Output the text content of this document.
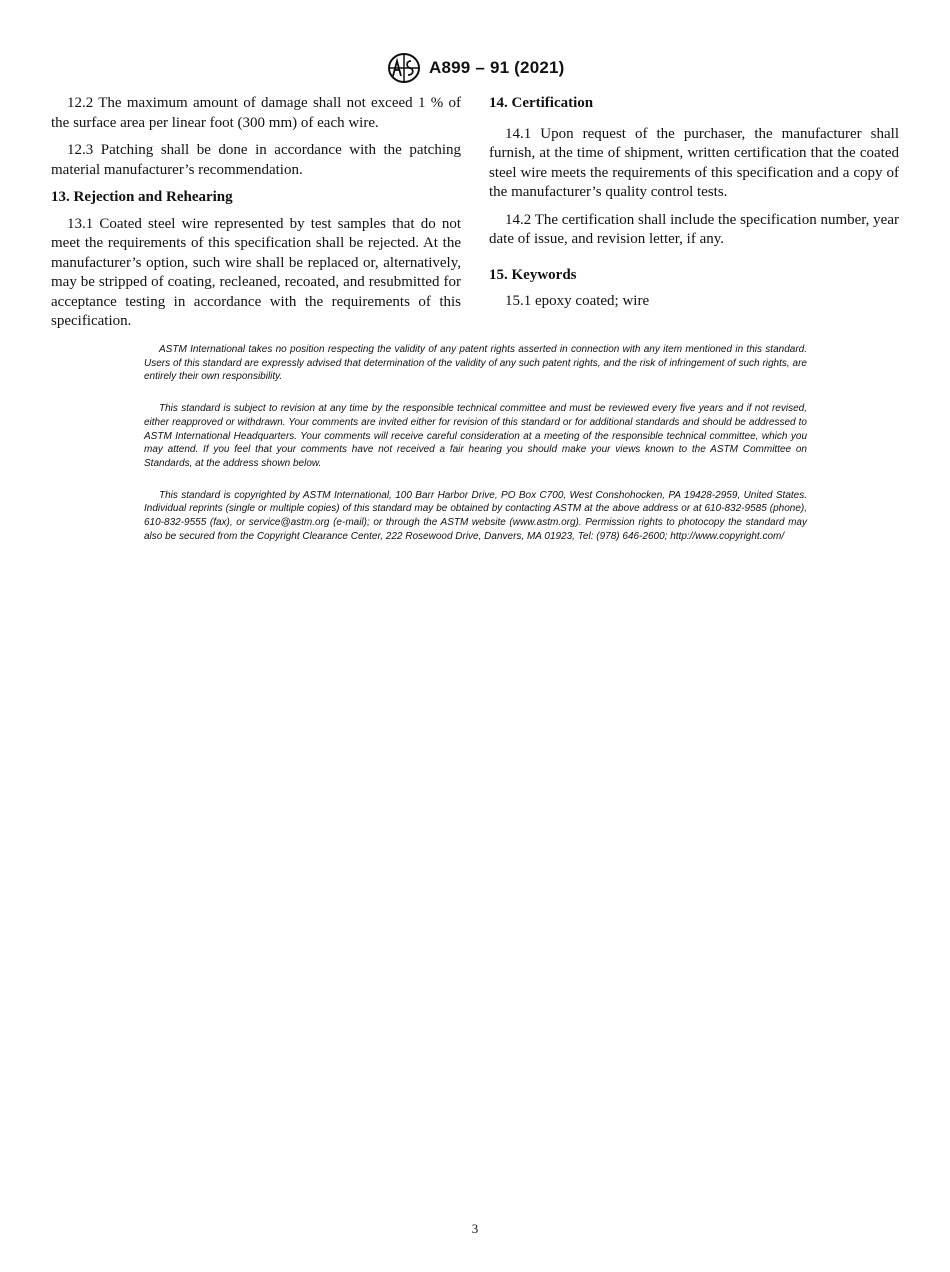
A899 – 91 (2021)

12.2 The maximum amount of damage shall not exceed 1 % of the surface area per linear foot (300 mm) of each wire.

12.3 Patching shall be done in accordance with the patching material manufacturer’s recommendation.

13. Rejection and Rehearing

13.1 Coated steel wire represented by test samples that do not meet the requirements of this specification shall be rejected. At the manufacturer’s option, such wire shall be replaced or, alternatively, may be stripped of coating, recleaned, recoated, and resubmitted for acceptance testing in accordance with the requirements of this specification.

14. Certification

14.1 Upon request of the purchaser, the manufacturer shall furnish, at the time of shipment, written certification that the coated steel wire meets the requirements of this specification and a copy of the manufacturer’s quality control tests.

14.2 The certification shall include the specification number, year date of issue, and revision letter, if any.

15. Keywords

15.1 epoxy coated; wire

ASTM International takes no position respecting the validity of any patent rights asserted in connection with any item mentioned in this standard. Users of this standard are expressly advised that determination of the validity of any such patent rights, and the risk of infringement of such rights, are entirely their own responsibility.

This standard is subject to revision at any time by the responsible technical committee and must be reviewed every five years and if not revised, either reapproved or withdrawn. Your comments are invited either for revision of this standard or for additional standards and should be addressed to ASTM International Headquarters. Your comments will receive careful consideration at a meeting of the responsible technical committee, which you may attend. If you feel that your comments have not received a fair hearing you should make your views known to the ASTM Committee on Standards, at the address shown below.

This standard is copyrighted by ASTM International, 100 Barr Harbor Drive, PO Box C700, West Conshohocken, PA 19428-2959, United States. Individual reprints (single or multiple copies) of this standard may be obtained by contacting ASTM at the above address or at 610-832-9585 (phone), 610-832-9555 (fax), or service@astm.org (e-mail); or through the ASTM website (www.astm.org). Permission rights to photocopy the standard may also be secured from the Copyright Clearance Center, 222 Rosewood Drive, Danvers, MA 01923, Tel: (978) 646-2600; http://www.copyright.com/

3
